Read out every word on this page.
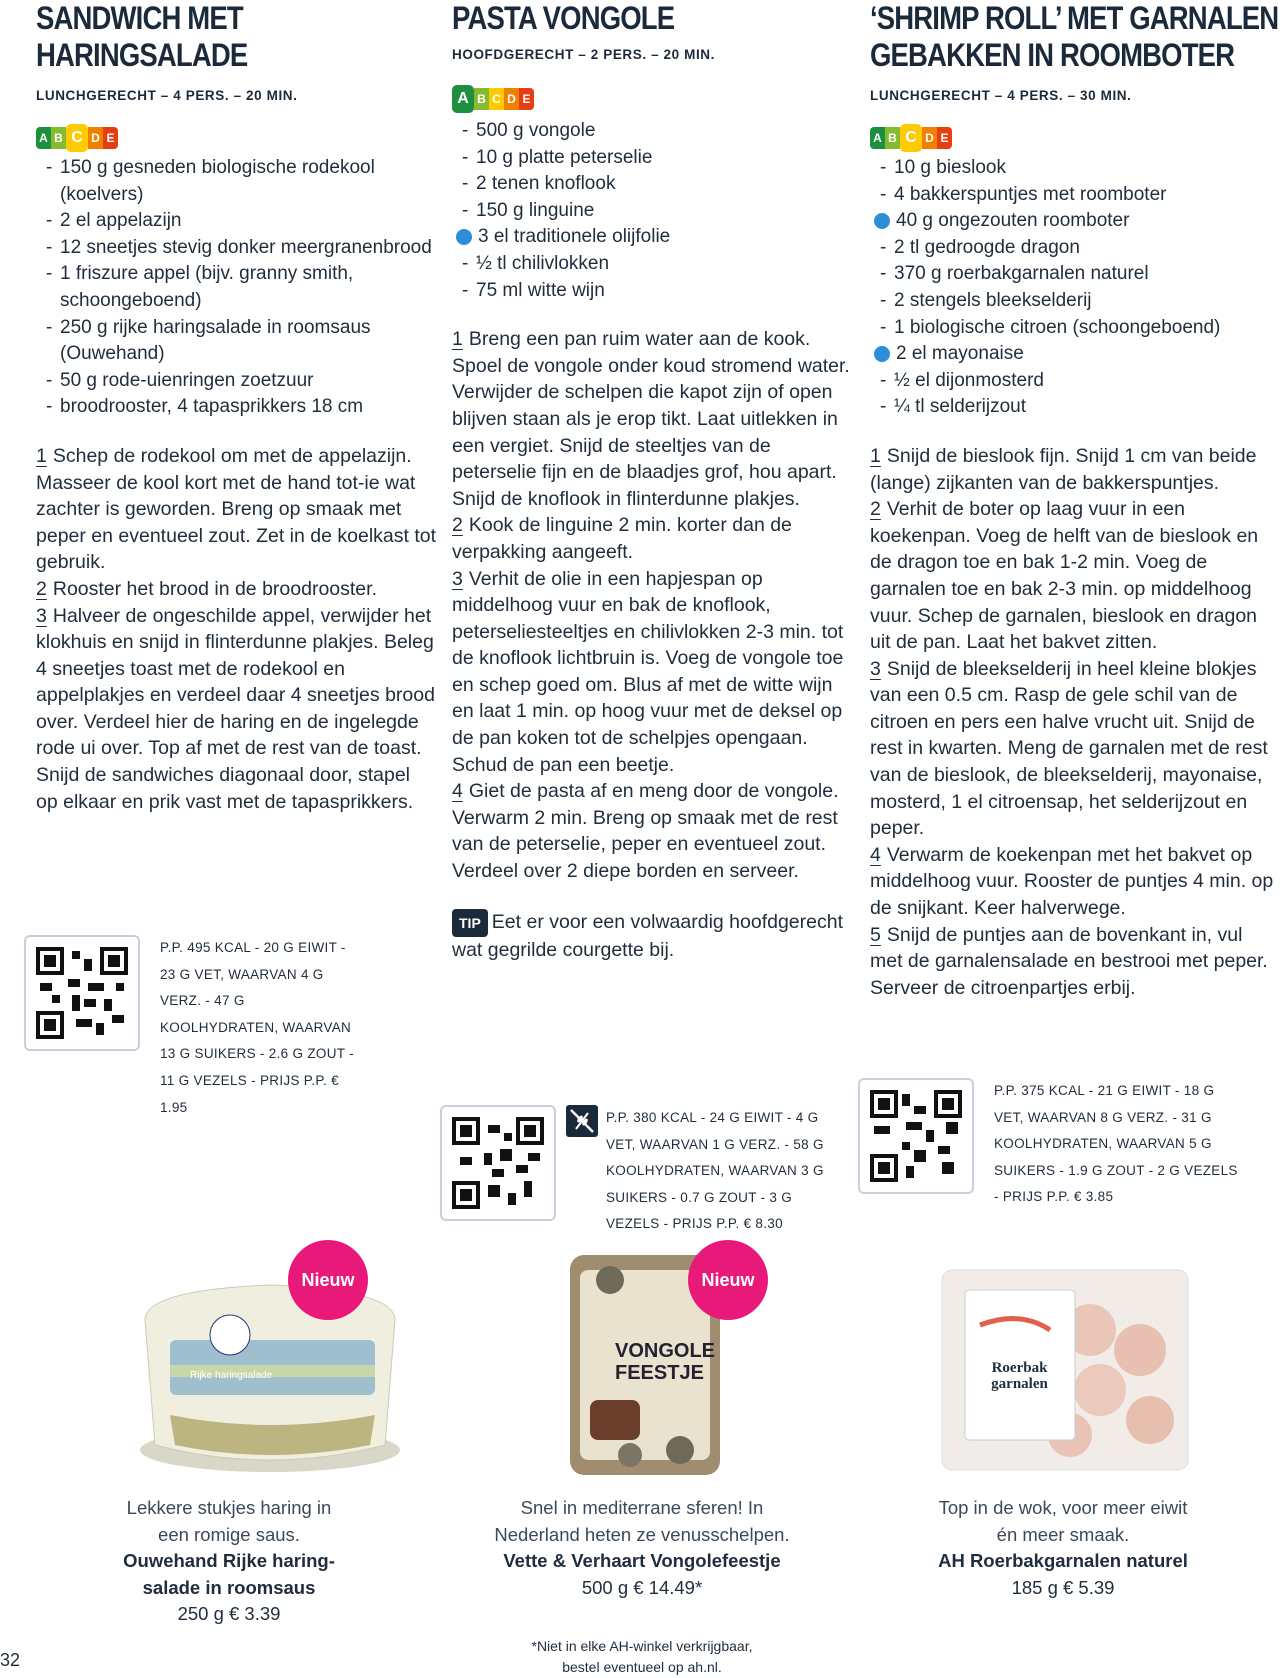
SANDWICH MET
HARINGSALADE
LUNCHGERECHT – 4 PERS. – 20 MIN.
A B C D E
- 150 g gesneden biologische rodekool (koelvers)
- 2 el appelazijn
- 12 sneetjes stevig donker meergranenbrood
- 1 friszure appel (bijv. granny smith, schoongeboend)
- 250 g rijke haringsalade in roomsaus (Ouwehand)
- 50 g rode-uienringen zoetzuur
- broodrooster, 4 tapasprikkers 18 cm

1 Schep de rodekool om met de appelazijn. Masseer de kool kort met de hand tot-ie wat zachter is geworden. Breng op smaak met peper en eventueel zout. Zet in de koelkast tot gebruik.

2 Rooster het brood in de broodrooster.

3 Halveer de ongeschilde appel, verwijder het klokhuis en snijd in flinterdunne plakjes. Beleg 4 sneetjes toast met de rodekool en appelplakjes en verdeel daar 4 sneetjes brood over. Verdeel hier de haring en de ingelegde rode ui over. Top af met de rest van de toast. Snijd de sandwiches diagonaal door, stapel op elkaar en prik vast met de tapasprikkers.

P.P. 495 KCAL - 20 G EIWIT - 23 G VET, WAARVAN 4 G VERZ. - 47 G KOOLHYDRATEN, WAARVAN 13 G SUIKERS - 2.6 G ZOUT - 11 G VEZELS - PRIJS P.P. € 1.95
PASTA VONGOLE
HOOFDGERECHT – 2 PERS. – 20 MIN.
A B C D E
- 500 g vongole
- 10 g platte peterselie
- 2 tenen knoflook
- 150 g linguine
3 el traditionele olijfolie
- ½ tl chilivlokken
- 75 ml witte wijn

1 Breng een pan ruim water aan de kook. Spoel de vongole onder koud stromend water. Verwijder de schelpen die kapot zijn of open blijven staan als je erop tikt. Laat uitlekken in een vergiet. Snijd de steeltjes van de peterselie fijn en de blaadjes grof, hou apart. Snijd de knoflook in flinterdunne plakjes.

2 Kook de linguine 2 min. korter dan de verpakking aangeeft.

3 Verhit de olie in een hapjespan op middelhoog vuur en bak de knoflook, peterseliesteeltjes en chilivlokken 2-3 min. tot de knoflook lichtbruin is. Voeg de vongole toe en schep goed om. Blus af met de witte wijn en laat 1 min. op hoog vuur met de deksel op de pan koken tot de schelpjes opengaan. Schud de pan een beetje.

4 Giet de pasta af en meng door de vongole. Verwarm 2 min. Breng op smaak met de rest van de peterselie, peper en eventueel zout. Verdeel over 2 diepe borden en serveer.

TIP Eet er voor een volwaardig hoofdgerecht wat gegrilde courgette bij.
P.P. 380 KCAL - 24 G EIWIT - 4 G VET, WAARVAN 1 G VERZ. - 58 G KOOLHYDRATEN, WAARVAN 3 G SUIKERS - 0.7 G ZOUT - 3 G VEZELS - PRIJS P.P. € 8.30
‘SHRIMP ROLL’ MET GARNALEN
GEBAKKEN IN ROOMBOTER
LUNCHGERECHT – 4 PERS. – 30 MIN.
A B C D E
- 10 g bieslook
- 4 bakkerspuntjes met roomboter
40 g ongezouten roomboter
- 2 tl gedroogde dragon
- 370 g roerbakgarnalen naturel
- 2 stengels bleekselderij
- 1 biologische citroen (schoongeboend)
2 el mayonaise
- ½ el dijonmosterd
- ¼ tl selderijzout

1 Snijd de bieslook fijn. Snijd 1 cm van beide (lange) zijkanten van de bakkerspuntjes.

2 Verhit de boter op laag vuur in een koekenpan. Voeg de helft van de bieslook en de dragon toe en bak 1-2 min. Voeg de garnalen toe en bak 2-3 min. op middelhoog vuur. Schep de garnalen, bieslook en dragon uit de pan. Laat het bakvet zitten.

3 Snijd de bleekselderij in heel kleine blokjes van een 0.5 cm. Rasp de gele schil van de citroen en pers een halve vrucht uit. Snijd de rest in kwarten. Meng de garnalen met de rest van de bieslook, de bleekselderij, mayonaise, mosterd, 1 el citroensap, het selderijzout en peper.

4 Verwarm de koekenpan met het bakvet op middelhoog vuur. Rooster de puntjes 4 min. op de snijkant. Keer halverwege.

5 Snijd de puntjes aan de bovenkant in, vul met de garnalensalade en bestrooi met peper. Serveer de citroenpartjes erbij.

P.P. 375 KCAL - 21 G EIWIT - 18 G VET, WAARVAN 8 G VERZ. - 31 G KOOLHYDRATEN, WAARVAN 5 G SUIKERS - 1.9 G ZOUT - 2 G VEZELS - PRIJS P.P. € 3.85
Nieuw
Rijke haringsalade
VONGOLE FEESTJE
Nieuw
Roerbak garnalen
Lekkere stukjes haring in
een romige saus.
Ouwehand Rijke haring-
salade in roomsaus
250 g € 3.39
Snel in mediterrane sferen! In
Nederland heten ze venusschelpen.
Vette & Verhaart Vongolefeestje
500 g € 14.49*
Top in de wok, voor meer eiwit
én meer smaak.
AH Roerbakgarnalen naturel
185 g € 5.39
*Niet in elke AH-winkel verkrijgbaar,
bestel eventueel op ah.nl.
32
